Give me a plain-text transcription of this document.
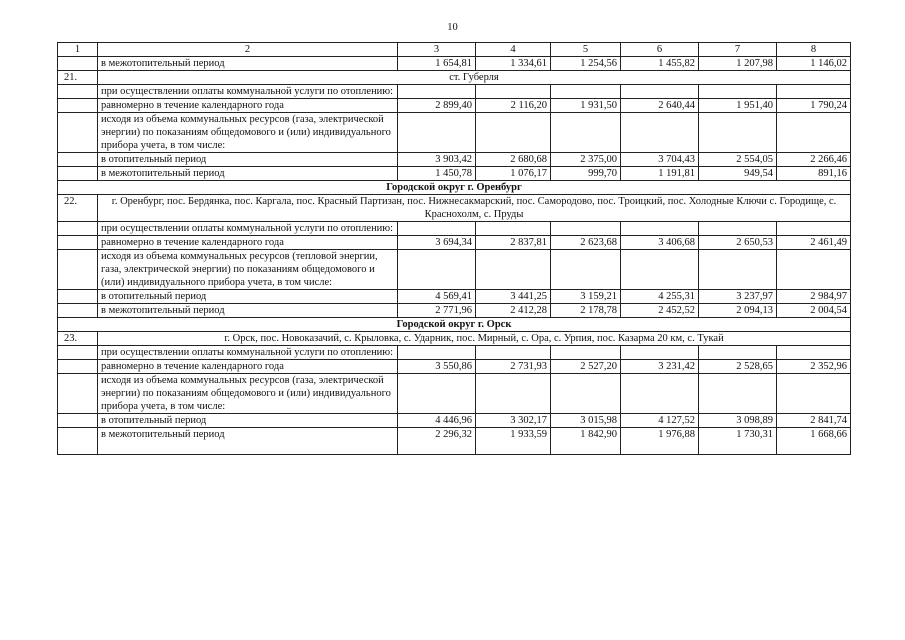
10
1	2	3	4	5	6	7	8
	в межотопительный период	1 654,81	1 334,61	1 254,56	1 455,82	1 207,98	1 146,02
21.	ст. Губерля						
	при осуществлении оплаты коммунальной услуги по отоплению:						
	равномерно в течение календарного года	2 899,40	2 116,20	1 931,50	2 640,44	1 951,40	1 790,24
	исходя из объема коммунальных ресурсов (газа, электрической энергии) по показаниям общедомового и (или) индивидуального прибора учета, в том числе:						
	в отопительный период	3 903,42	2 680,68	2 375,00	3 704,43	2 554,05	2 266,46
	в межотопительный период	1 450,78	1 076,17	999,70	1 191,81	949,54	891,16
Городской округ г. Оренбург							
22.	г. Оренбург, пос. Бердянка, пос. Каргала, пос. Красный Партизан, пос. Нижнесакмарский, пос. Самородово, пос. Троицкий, пос. Холодные Ключи с. Городище, с. Краснохолм, с. Пруды						
	при осуществлении оплаты коммунальной услуги по отоплению:						
	равномерно в течение календарного года	3 694,34	2 837,81	2 623,68	3 406,68	2 650,53	2 461,49
	исходя из объема коммунальных ресурсов (тепловой энергии, газа, электрической энергии) по показаниям общедомового и (или) индивидуального прибора учета, в том числе:						
	в отопительный период	4 569,41	3 441,25	3 159,21	4 255,31	3 237,97	2 984,97
	в межотопительный период	2 771,96	2 412,28	2 178,78	2 452,52	2 094,13	2 004,54
Городской округ г. Орск							
23.	г. Орск, пос. Новоказачий, с. Крыловка, с. Ударник, пос. Мирный, с. Ора, с. Урпия, пос. Казарма 20 км, с. Тукай						
	при осуществлении оплаты коммунальной услуги по отоплению:						
	равномерно в течение календарного года	3 550,86	2 731,93	2 527,20	3 231,42	2 528,65	2 352,96
	исходя из объема коммунальных ресурсов (газа, электрической энергии) по показаниям общедомового и (или) индивидуального прибора учета, в том числе:						
	в отопительный период	4 446,96	3 302,17	3 015,98	4 127,52	3 098,89	2 841,74
	в межотопительный период	2 296,32	1 933,59	1 842,90	1 976,88	1 730,31	1 668,66
